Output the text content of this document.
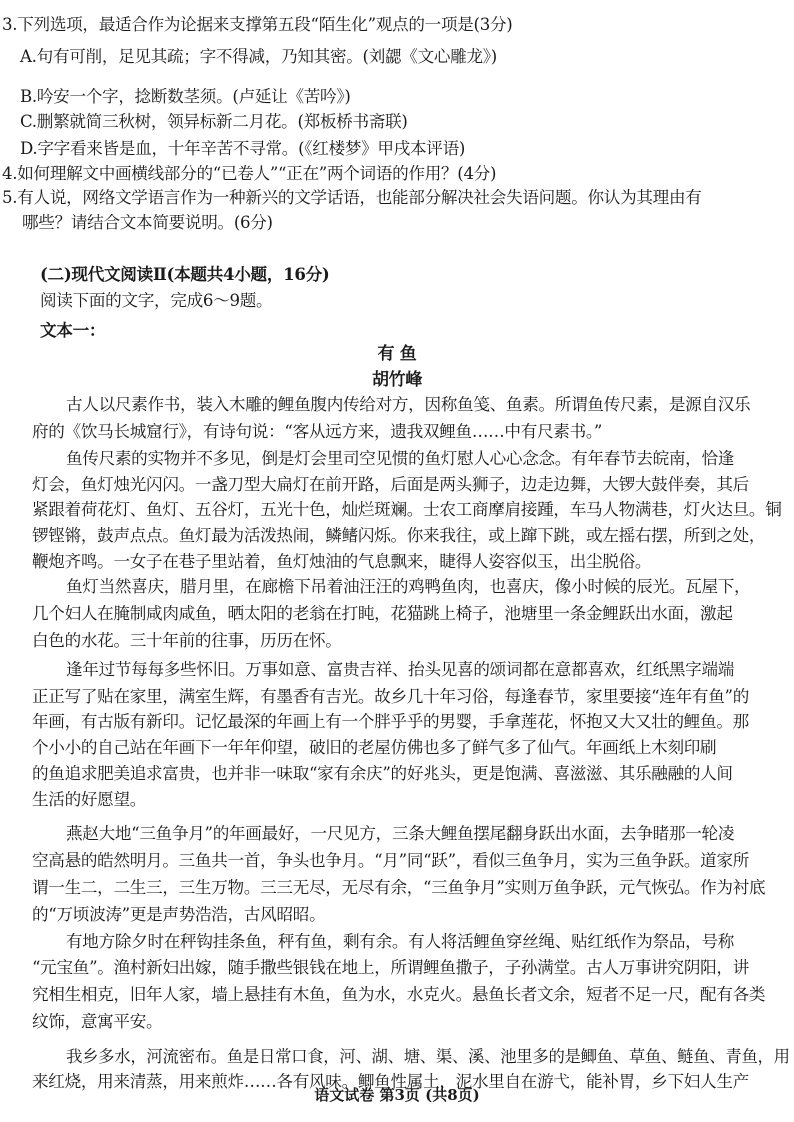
3.下列选项，最适合作为论据来支撑第五段“陌生化”观点的一项是(3分)
A.句有可削，足见其疏；字不得减，乃知其密。(刘勰《文心雕龙》)
B.吟安一个字，捻断数茎须。(卢延让《苦吟》)
C.删繁就简三秋树，领异标新二月花。(郑板桥书斋联)
D.字字看来皆是血，十年辛苦不寻常。(《红楼梦》甲戌本评语)
4.如何理解文中画横线部分的“已卷人”“正在”两个词语的作用？(4分)
5.有人说，网络文学语言作为一种新兴的文学话语，也能部分解决社会失语问题。你认为其理由有
哪些？请结合文本简要说明。(6分)
(二)现代文阅读Ⅱ(本题共4小题，16分)
阅读下面的文字，完成6～9题。
文本一：
有 鱼
胡竹峰
古人以尺素作书，装入木雕的鲤鱼腹内传给对方，因称鱼笺、鱼素。所谓鱼传尺素，是源自汉乐
府的《饮马长城窟行》，有诗句说：“客从远方来，遗我双鲤鱼……中有尺素书。”
鱼传尺素的实物并不多见，倒是灯会里司空见惯的鱼灯慰人心心念念。有年春节去皖南，恰逢
灯会，鱼灯烛光闪闪。一盏刀型大扁灯在前开路，后面是两头狮子，边走边舞，大锣大鼓伴奏，其后
紧跟着荷花灯、鱼灯、五谷灯，五光十色，灿烂斑斓。士农工商摩肩接踵，车马人物满巷，灯火达旦。铜
锣铿锵，鼓声点点。鱼灯最为活泼热闹，鳞鳍闪烁。你来我往，或上蹿下跳，或左摇右摆，所到之处，
鞭炮齐鸣。一女子在巷子里站着，鱼灯烛油的气息飘来，睫得人姿容似玉，出尘脱俗。
鱼灯当然喜庆，腊月里，在廊檐下吊着油汪汪的鸡鸭鱼肉，也喜庆，像小时候的辰光。瓦屋下，
几个妇人在腌制咸肉咸鱼，晒太阳的老翁在打盹，花猫跳上椅子，池塘里一条金鲤跃出水面，激起
白色的水花。三十年前的往事，历历在怀。
逢年过节每每多些怀旧。万事如意、富贵吉祥、抬头见喜的颂词都在意都喜欢，红纸黑字端端
正正写了贴在家里，满室生辉，有墨香有吉光。故乡几十年习俗，每逢春节，家里要接“连年有鱼”的
年画，有古版有新印。记忆最深的年画上有一个胖乎乎的男婴，手拿莲花，怀抱又大又壮的鲤鱼。那
个小小的自己站在年画下一年年仰望，破旧的老屋仿佛也多了鲜气多了仙气。年画纸上木刻印刷
的鱼追求肥美追求富贵，也并非一味取“家有余庆”的好兆头，更是饱满、喜滋滋、其乐融融的人间
生活的好愿望。
燕赵大地“三鱼争月”的年画最好，一尺见方，三条大鲤鱼摆尾翻身跃出水面，去争睹那一轮凌
空高悬的皓然明月。三鱼共一首，争头也争月。“月”同“跃”，看似三鱼争月，实为三鱼争跃。道家所
谓一生二，二生三，三生万物。三三无尽，无尽有余，“三鱼争月”实则万鱼争跃，元气恢弘。作为衬底
的“万顷波涛”更是声势浩浩，古风昭昭。
有地方除夕时在秤钩挂条鱼，秤有鱼，剩有余。有人将活鲤鱼穿丝绳、贴红纸作为祭品，号称
“元宝鱼”。渔村新妇出嫁，随手撒些银钱在地上，所谓鲤鱼撒子，子孙满堂。古人万事讲究阴阳，讲
究相生相克，旧年人家，墙上悬挂有木鱼，鱼为水，水克火。悬鱼长者文余，短者不足一尺，配有各类
纹饰，意寓平安。
我乡多水，河流密布。鱼是日常口食，河、湖、塘、渠、溪、池里多的是鲫鱼、草鱼、鲢鱼、青鱼，用
来红烧，用来清蒸，用来煎炸……各有风味。鲫鱼性属土，泥水里自在游弋，能补胃，乡下妇人生产
语文试卷 第3页 (共8页)
